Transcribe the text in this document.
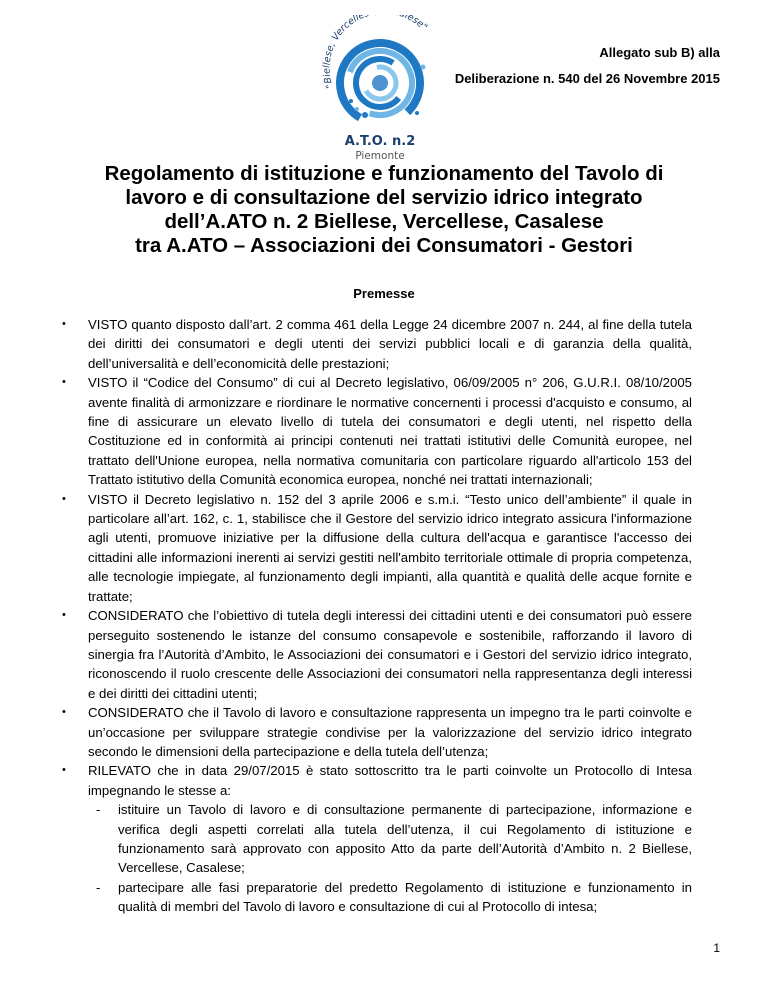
"Biellese, Vercelle lese"
A.T.O. n.2
Piemonte
Allegato sub B) alla
Deliberazione n. 540 del 26 Novembre 2015
Regolamento di istituzione e funzionamento del Tavolo di
lavoro e di consultazione del servizio idrico integrato
dell’A.ATO n. 2 Biellese, Vercellese, Casalese
tra A.ATO – Associazioni dei Consumatori - Gestori
Premesse
• VISTO quanto disposto dall’art. 2 comma 461 della Legge 24 dicembre 2007 n. 244, al fine della tutela dei diritti dei consumatori e degli utenti dei servizi pubblici locali e di garanzia della qualità, dell’universalità e dell’economicità delle prestazioni;
• VISTO il “Codice del Consumo” di cui al Decreto legislativo, 06/09/2005 n° 206, G.U.R.I. 08/10/2005 avente finalità di armonizzare e riordinare le normative concernenti i processi d'acquisto e consumo, al fine di assicurare un elevato livello di tutela dei consumatori e degli utenti, nel rispetto della Costituzione ed in conformità ai principi contenuti nei trattati istitutivi delle Comunità europee, nel trattato dell'Unione europea, nella normativa comunitaria con particolare riguardo all'articolo 153 del Trattato istitutivo della Comunità economica europea, nonché nei trattati internazionali;
• VISTO il Decreto legislativo n. 152 del 3 aprile 2006 e s.m.i. “Testo unico dell’ambiente” il quale in particolare all’art. 162, c. 1, stabilisce che il Gestore del servizio idrico integrato assicura l'informazione agli utenti, promuove iniziative per la diffusione della cultura dell'acqua e garantisce l'accesso dei cittadini alle informazioni inerenti ai servizi gestiti nell'ambito territoriale ottimale di propria competenza, alle tecnologie impiegate, al funzionamento degli impianti, alla quantità e qualità delle acque fornite e trattate;
• CONSIDERATO che l’obiettivo di tutela degli interessi dei cittadini utenti e dei consumatori può essere perseguito sostenendo le istanze del consumo consapevole e sostenibile, rafforzando il lavoro di sinergia fra l’Autorità d’Ambito, le Associazioni dei consumatori e i Gestori del servizio idrico integrato, riconoscendo il ruolo crescente delle Associazioni dei consumatori nella rappresentanza degli interessi e dei diritti dei cittadini utenti;
• CONSIDERATO che il Tavolo di lavoro e consultazione rappresenta un impegno tra le parti coinvolte e un’occasione per sviluppare strategie condivise per la valorizzazione del servizio idrico integrato secondo le dimensioni della partecipazione e della tutela dell’utenza;
• RILEVATO che in data 29/07/2015 è stato sottoscritto tra le parti coinvolte un Protocollo di Intesa impegnando le stesse a:
- istituire un Tavolo di lavoro e di consultazione permanente di partecipazione, informazione e verifica degli aspetti correlati alla tutela dell’utenza, il cui Regolamento di istituzione e funzionamento sarà approvato con apposito Atto da parte dell’Autorità d’Ambito n. 2 Biellese, Vercellese, Casalese;
- partecipare alle fasi preparatorie del predetto Regolamento di istituzione e funzionamento in qualità di membri del Tavolo di lavoro e consultazione di cui al Protocollo di intesa;
1
